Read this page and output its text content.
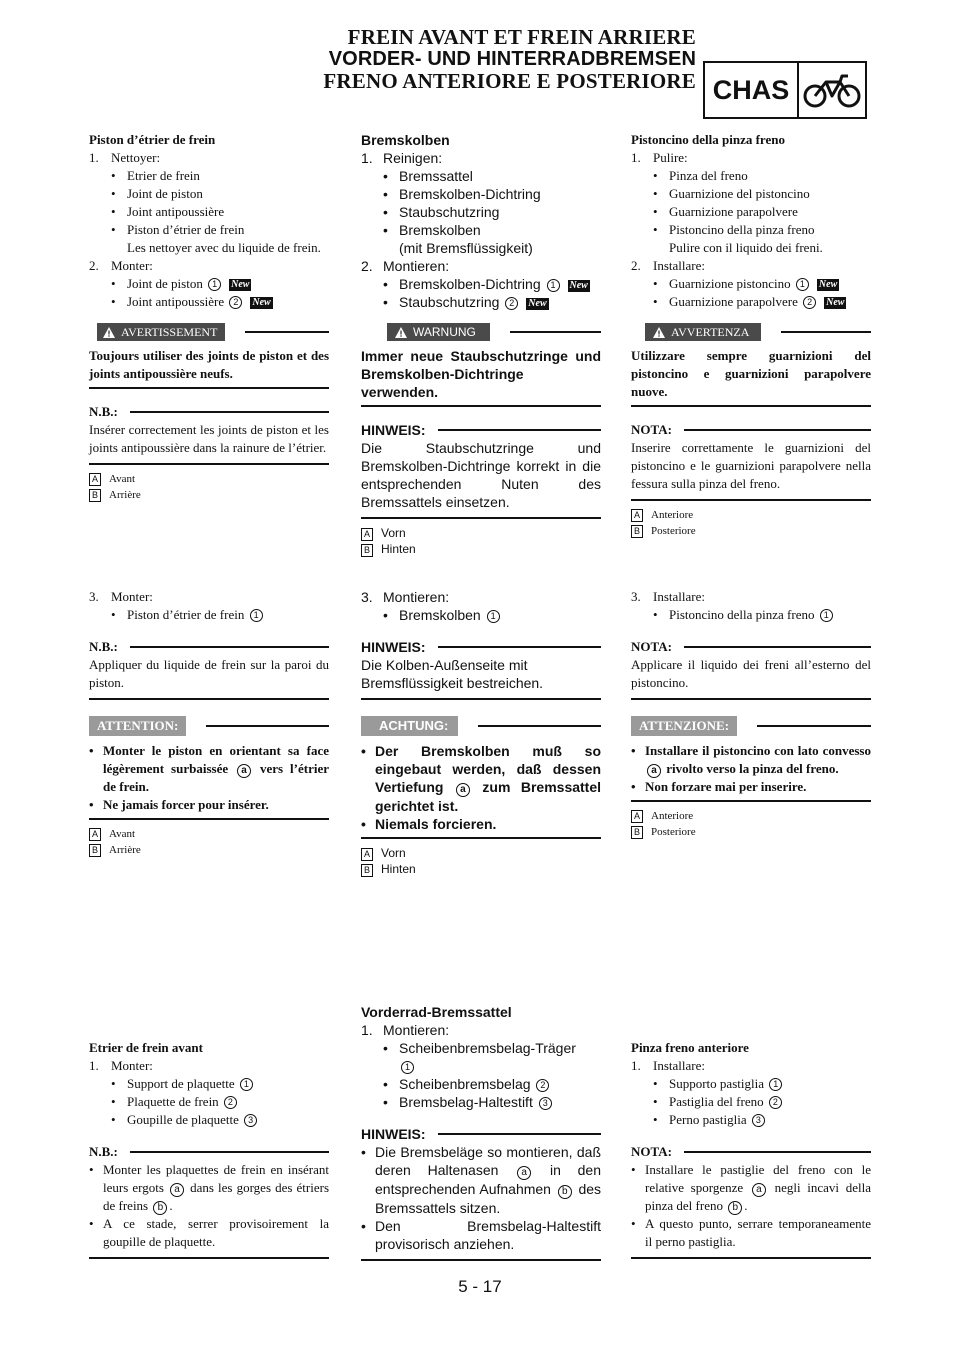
FREIN AVANT ET FREIN ARRIERE
VORDER- UND HINTERRADBREMSEN
FRENO ANTERIORE E POSTERIORE CHAS
Piston d’étrier de frein
1. Nettoyer:
• Etrier de frein
• Joint de piston
• Joint antipoussière
• Piston d’étrier de frein
Les nettoyer avec du liquide de frein.
2. Monter:
• Joint de piston 1 New
• Joint antipoussière 2 New
AVERTISSEMENT
Toujours utiliser des joints de piston et des joints antipoussière neufs.
N.B.:
Insérer correctement les joints de piston et les joints antipoussière dans la rainure de l’étrier.
A Avant
B Arrière
3. Monter:
• Piston d’étrier de frein 1
N.B.:
Appliquer du liquide de frein sur la paroi du piston.
ATTENTION:
• Monter le piston en orientant sa face légèrement surbaissée a vers l’étrier de frein.
• Ne jamais forcer pour insérer.
A Avant
B Arrière
Etrier de frein avant
1. Monter:
• Support de plaquette 1
• Plaquette de frein 2
• Goupille de plaquette 3
N.B.:
• Monter les plaquettes de frein en insérant leurs ergots a dans les gorges des étriers de freins b .
• A ce stade, serrer provisoirement la goupille de plaquette.
Bremskolben
1. Reinigen:
• Bremssattel
• Bremskolben-Dichtring
• Staubschutzring
• Bremskolben
(mit Bremsflüssigkeit)
2. Montieren:
• Bremskolben-Dichtring 1 New
• Staubschutzring 2 New
WARNUNG
Immer neue Staubschutzringe und Bremskolben-Dichtringe verwenden.
HINWEIS:
Die Staubschutzringe und Bremskolben-Dichtringe korrekt in die entsprechenden Nuten des Bremssattels einsetzen.
A Vorn
B Hinten
3. Montieren:
• Bremskolben 1
HINWEIS:
Die Kolben-Außenseite mit Bremsflüssigkeit bestreichen.
ACHTUNG:
• Der Bremskolben muß so eingebaut werden, daß dessen Vertiefung a zum Bremssattel gerichtet ist.
• Niemals forcieren.
A Vorn
B Hinten
Vorderrad-Bremssattel
1. Montieren:
• Scheibenbremsbelag-Träger
1
• Scheibenbremsbelag 2
• Bremsbelag-Haltestift 3
HINWEIS:
• Die Bremsbeläge so montieren, daß deren Haltenasen a in den entsprechenden Aufnahmen b des Bremssattels sitzen.
• Den Bremsbelag-Haltestift provisorisch anziehen.
Pistoncino della pinza freno
1. Pulire:
• Pinza del freno
• Guarnizione del pistoncino
• Guarnizione parapolvere
• Pistoncino della pinza freno
Pulire con il liquido dei freni.
2. Installare:
• Guarnizione pistoncino 1 New
• Guarnizione parapolvere 2 New
AVVERTENZA
Utilizzare sempre guarnizioni del pistoncino e guarnizioni parapolvere nuove.
NOTA:
Inserire correttamente le guarnizioni del pistoncino e le guarnizioni parapolvere nella fessura sulla pinza del freno.
A Anteriore
B Posteriore
3. Installare:
• Pistoncino della pinza freno 1
NOTA:
Applicare il liquido dei freni all’esterno del pistoncino.
ATTENZIONE:
• Installare il pistoncino con lato convesso a rivolto verso la pinza del freno.
• Non forzare mai per inserire.
A Anteriore
B Posteriore
Pinza freno anteriore
1. Installare:
• Supporto pastiglia 1
• Pastiglia del freno 2
• Perno pastiglia 3
NOTA:
• Installare le pastiglie del freno con le relative sporgenze a negli incavi della pinza del freno b .
• A questo punto, serrare temporaneamente il perno pastiglia.
5 - 17
